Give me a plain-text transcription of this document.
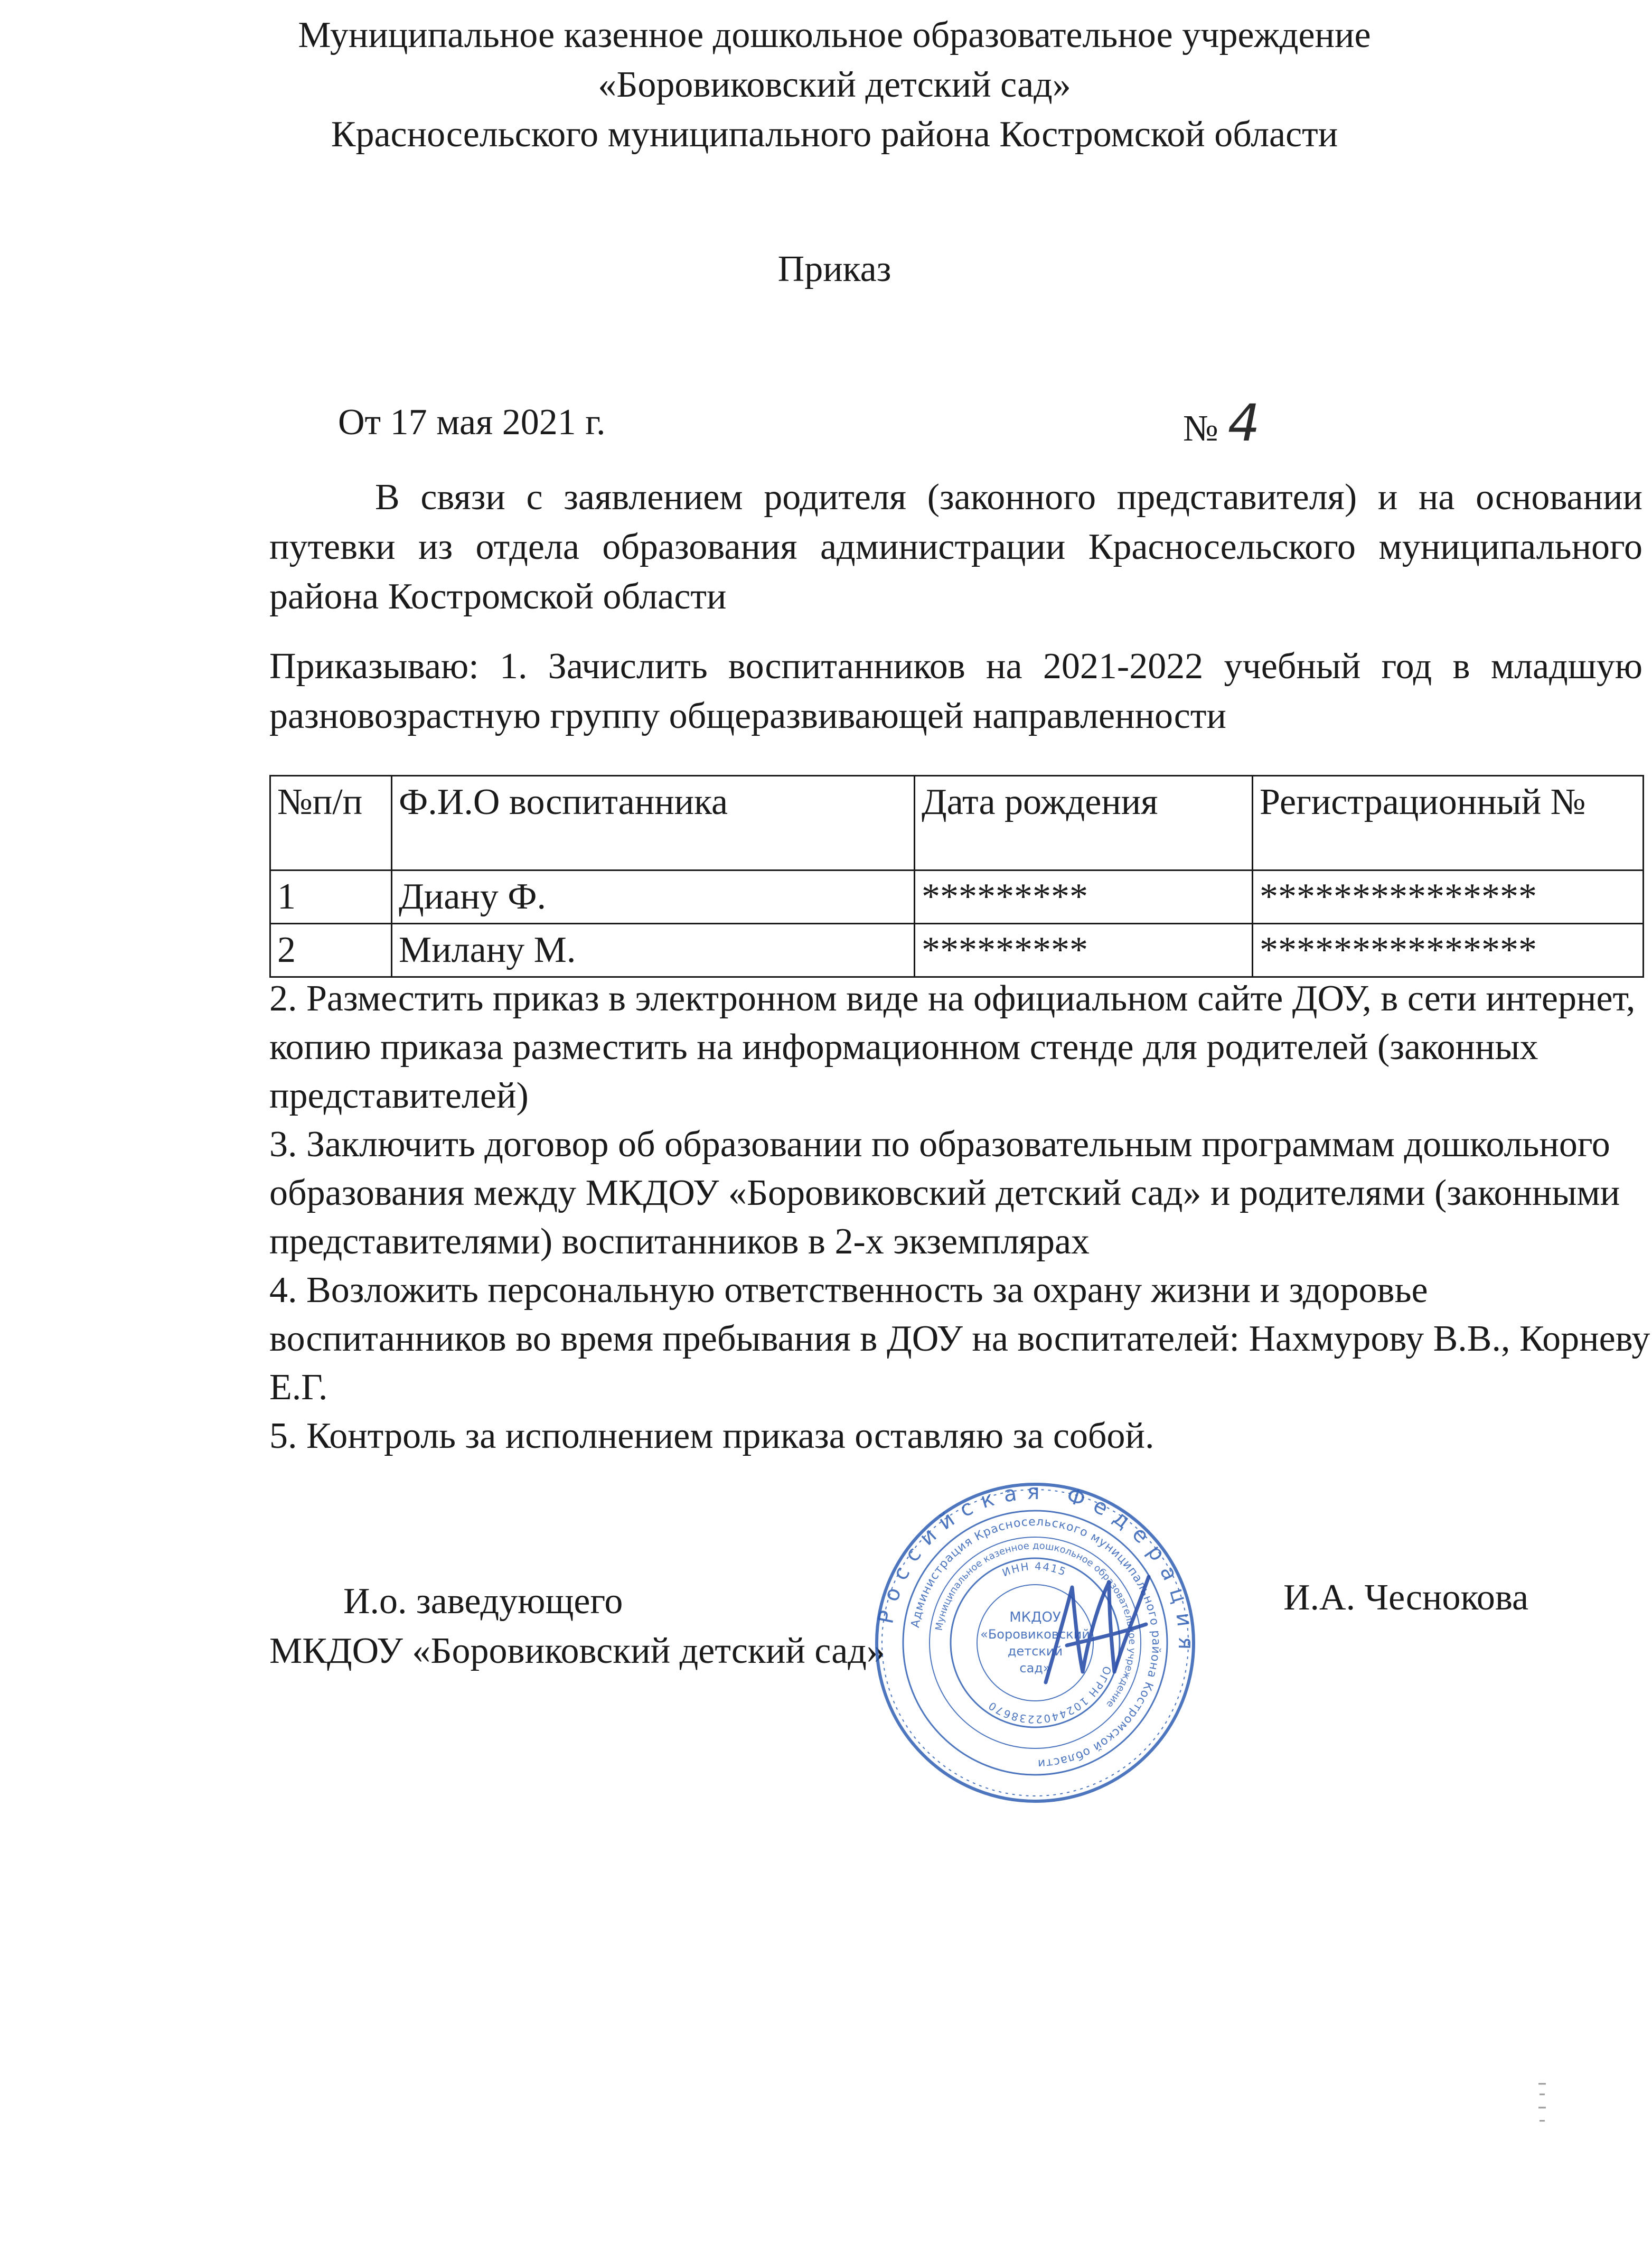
Муниципальное казенное дошкольное образовательное учреждение
«Боровиковский детский сад»
Красносельского муниципального района Костромской области
Приказ
От 17 мая 2021 г.	№ 4
В связи с заявлением родителя (законного представителя) и на основании путевки из отдела образования администрации Красносельского муниципального района Костромской области
Приказываю: 1. Зачислить воспитанников на 2021-2022 учебный год в младшую разновозрастную группу общеразвивающей направленности
№п/п	Ф.И.О воспитанника	Дата рождения	Регистрационный №
1	Диану Ф.	*********	***************
2	Милану М.	*********	***************

2. Разместить приказ в электронном виде на официальном сайте ДОУ, в сети интернет, копию приказа разместить на информационном стенде для родителей (законных представителей)

3. Заключить договор об образовании по образовательным программам дошкольного образования между МКДОУ «Боровиковский детский сад» и родителями (законными представителями) воспитанников в 2-х экземплярах

4. Возложить персональную ответственность за охрану жизни и здоровье воспитанников во время пребывания в ДОУ на воспитателей: Нахмурову В.В., Корневу Е.Г.

5. Контроль за исполнением приказа оставляю за собой.

И.о. заведующего
МКДОУ «Боровиковский детский сад»
И.А. Чеснокова
Российская Федерация
Администрация Красносельского муниципального района Костромской области
Муниципальное казенное дошкольное образовательное учреждение
ОГРН 1024402238670
ИНН 4415
МКДОУ
«Боровиковский
детский
сад»
